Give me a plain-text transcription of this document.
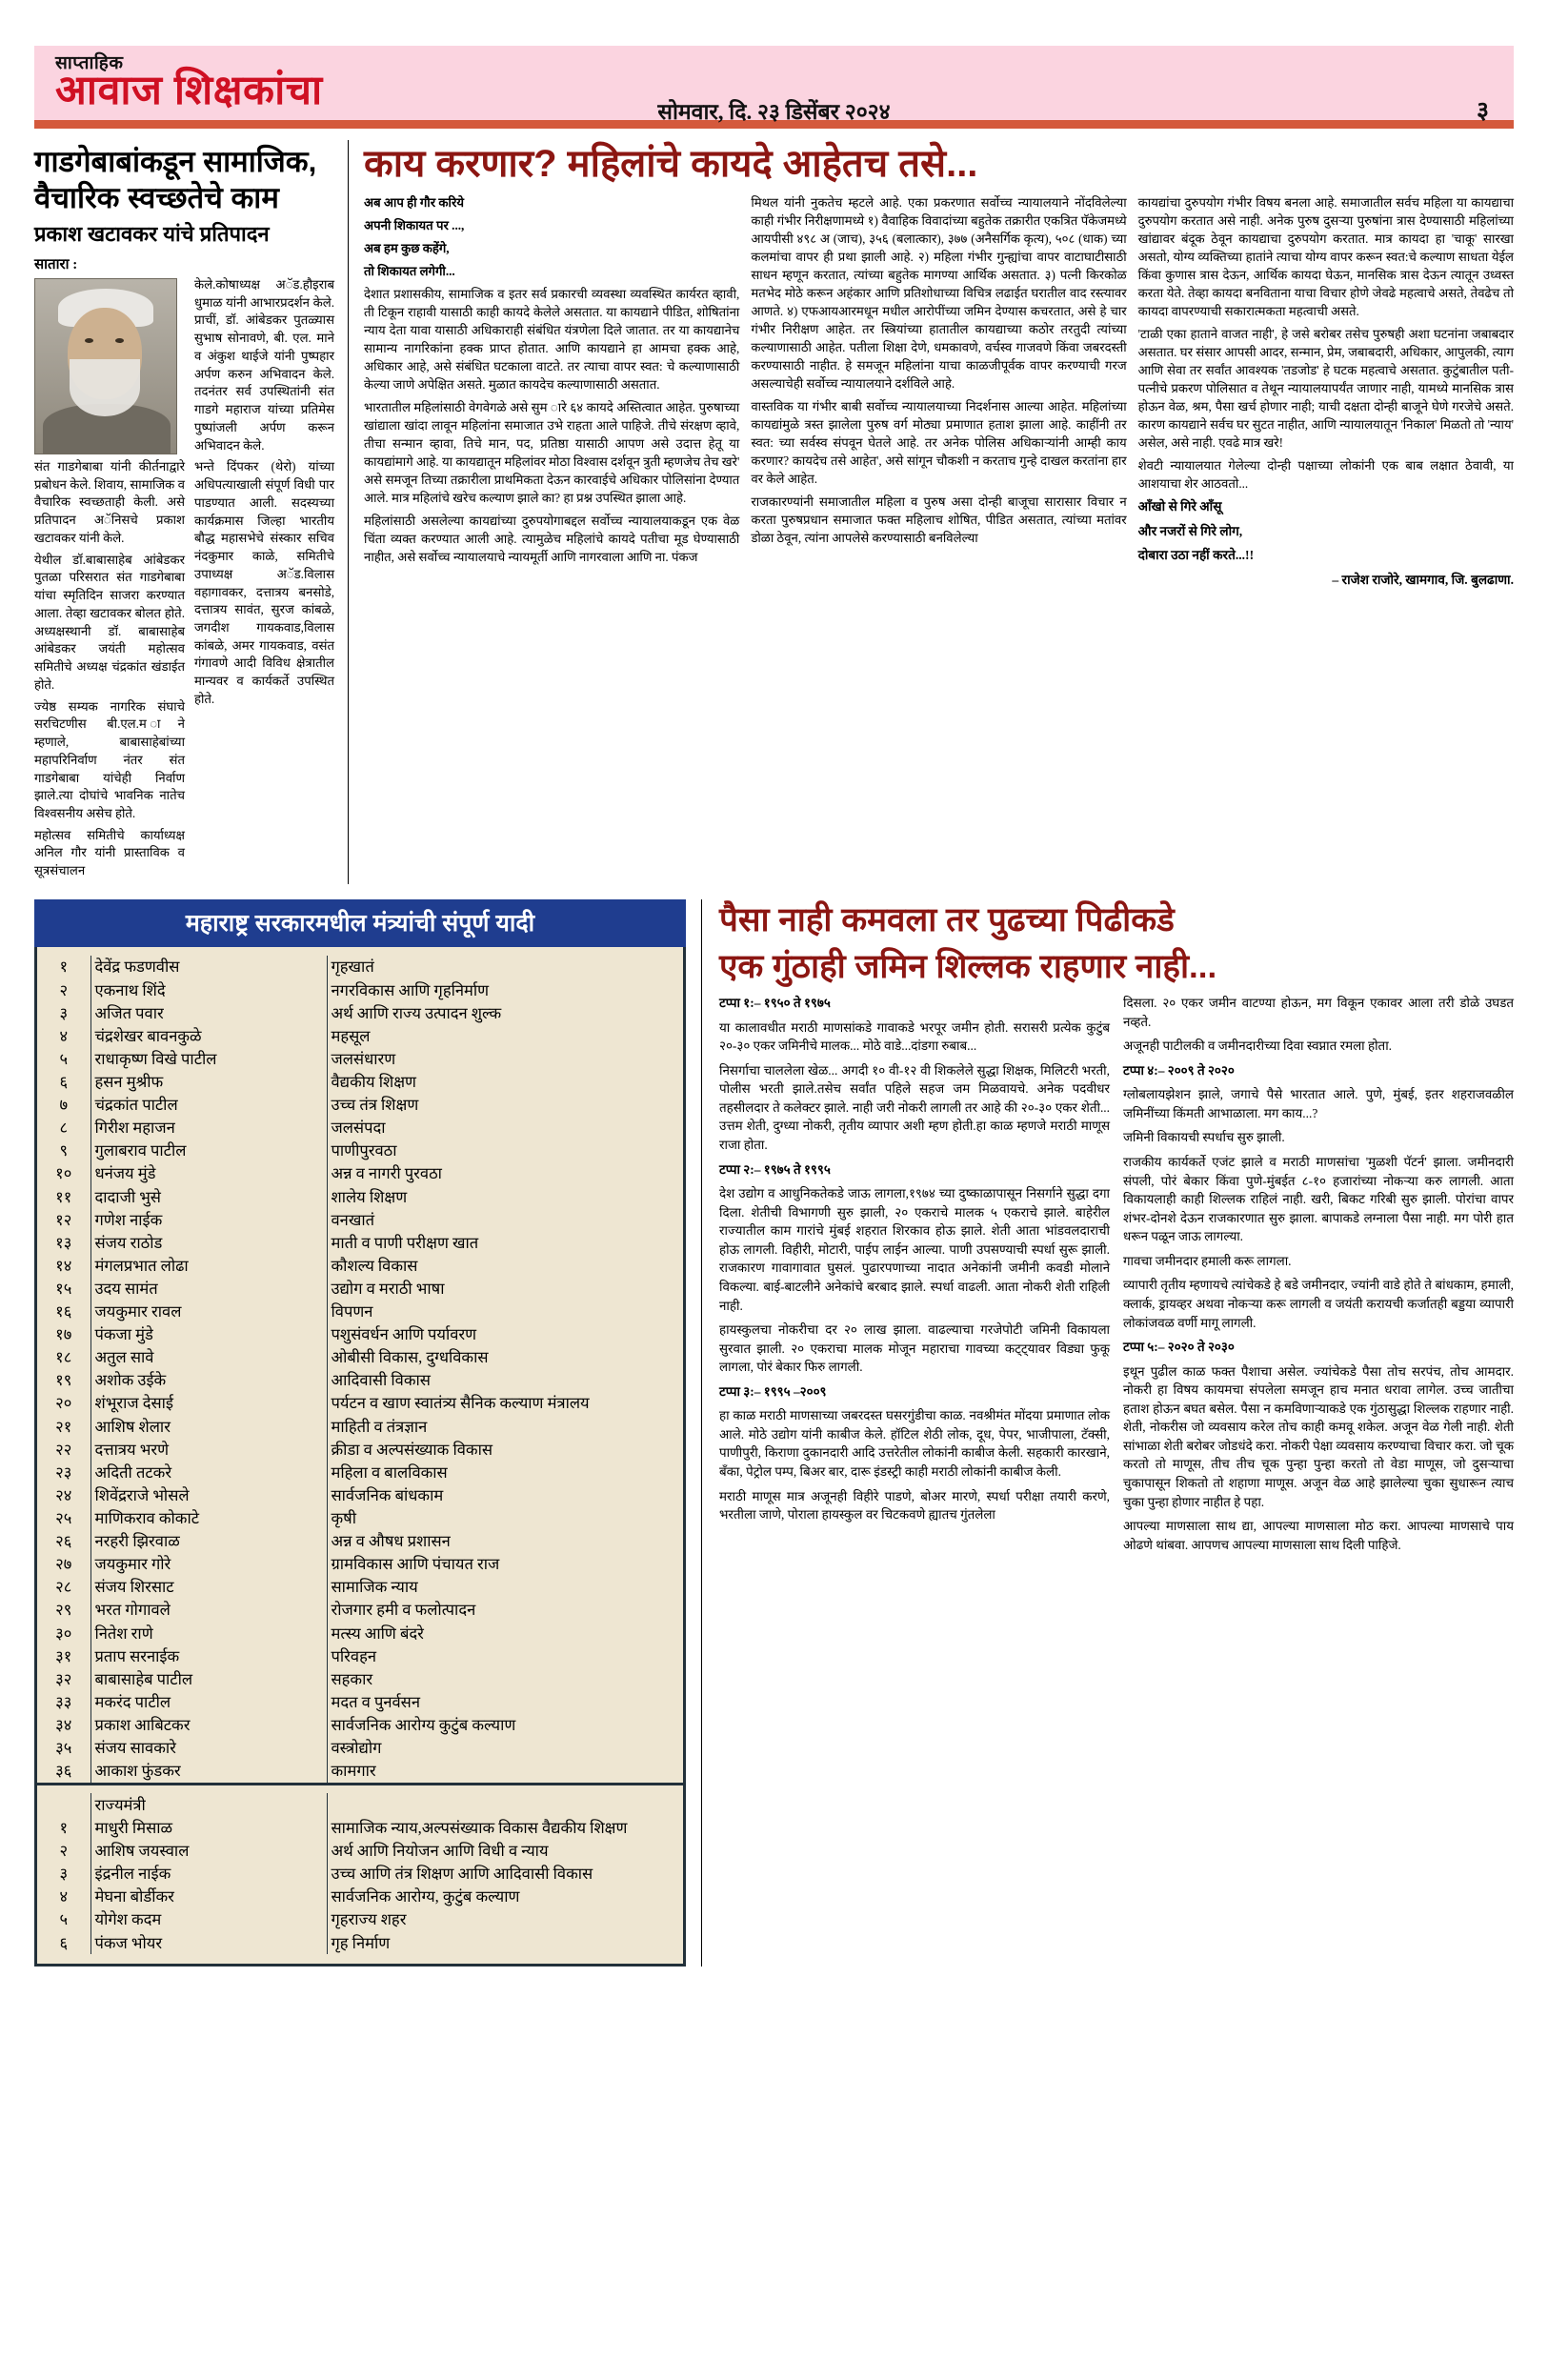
साप्ताहिक
आवाज शिक्षकांचा	सोमवार, दि. २३ डिसेंबर २०२४	३
गाडगेबाबांकडून सामाजिक, वैचारिक स्वच्छतेचे काम
प्रकाश खटावकर यांचे प्रतिपादन
सातारा :

संत गाडगेबाबा यांनी कीर्तनाद्वारे प्रबोधन केले. शिवाय, सामाजिक व वैचारिक स्वच्छताही केली. असे प्रतिपादन अॅनिसचे प्रकाश खटावकर यांनी केले.

येथील डॉ.बाबासाहेब आंबेडकर पुतळा परिसरात संत गाडगेबाबा यांचा स्मृतिदिन साजरा करण्यात आला. तेव्हा खटावकर बोलत होते. अध्यक्षस्थानी डॉ. बाबासाहेब आंबेडकर जयंती महोत्सव समितीचे अध्यक्ष चंद्रकांत खंडाईत होते.

ज्येष्ठ सम्यक नागरिक संघाचे सरचिटणीस बी.एल.म ाने म्हणाले, बाबासाहेबांच्या महापरिनिर्वाण नंतर संत गाडगेबाबा यांचेही निर्वाण झाले.त्या दोघांचे भावनिक नातेच विश्वसनीय असेच होते.

महोत्सव समितीचे कार्याध्यक्ष अनिल गौर यांनी प्रास्ताविक व सूत्रसंचालन

केले.कोषाध्यक्ष अॅड.हौइराब धुमाळ यांनी आभारप्रदर्शन केले. प्राचीं, डॉ. आंबेडकर पुतळ्यास सुभाष सोनावणे, बी. एल. माने व अंकुश थाईजे यांनी पुष्पहार अर्पण करुन अभिवादन केले. तदनंतर सर्व उपस्थितांनी संत गाडगे महाराज यांच्या प्रतिमेस पुष्पांजली अर्पण करून अभिवादन केले.

भन्ते दिंपकर (थेरो) यांच्या अधिपत्याखाली संपूर्ण विधी पार पाडण्यात आली. सदस्यच्या कार्यक्रमास जिल्हा भारतीय बौद्ध महासभेचे संस्कार सचिव नंदकुमार काळे, समितीचे उपाध्यक्ष अॅड.विलास वहागावकर, दत्तात्रय बनसोडे, दत्तात्रय सावंत, सुरज कांबळे, जगदीश गायकवाड,विलास कांबळे, अमर गायकवाड, वसंत गंगावणे आदी विविध क्षेत्रातील मान्यवर व कार्यकर्ते उपस्थित होते.

काय करणार? महिलांचे कायदे आहेतच तसे...

अब आप ही गौर करिये

अपनी शिकायत पर ...,

अब हम कुछ कहेंगे,

तो शिकायत लगेगी...

देशात प्रशासकीय, सामाजिक व इतर सर्व प्रकारची व्यवस्था व्यवस्थित कार्यरत व्हावी, ती टिकून राहावी यासाठी काही कायदे केलेले असतात. या कायद्याने पीडित, शोषितांना न्याय देता यावा यासाठी अधिकाराही संबंधित यंत्रणेला दिले जातात. तर या कायद्यानेच सामान्य नागरिकांना हक्क प्राप्त होतात. आणि कायद्याने हा आमचा हक्क आहे, अधिकार आहे, असे संबंधित घटकाला वाटते. तर त्याचा वापर स्वत: चे कल्याणासाठी केल्या जाणे अपेक्षित असते. मुळात कायदेच कल्याणासाठी असतात.

भारतातील महिलांसाठी वेगवेगळे असे सुम ारे ६४ कायदे अस्तित्वात आहेत. पुरुषाच्या खांद्याला खांदा लावून महिलांना समाजात उभे राहता आले पाहिजे. तीचे संरक्षण व्हावे, तीचा सन्मान व्हावा, तिचे मान, पद, प्रतिष्ठा यासाठी आपण असे उदात्त हेतू या कायद्यांमागे आहे. या कायद्यातून महिलांवर मोठा विश्वास दर्शवून त्रुती म्हणजेच तेच खरे' असे समजून तिच्या तक्रारीला प्राथमिकता देऊन कारवाईचे अधिकार पोलिसांना देण्यात आले. मात्र महिलांचे खरेच कल्याण झाले का? हा प्रश्न उपस्थित झाला आहे.

महिलांसाठी असलेल्या कायद्यांच्या दुरुपयोगाबद्दल सर्वोच्च न्यायालयाकडून एक वेळ चिंता व्यक्त करण्यात आली आहे. त्यामुळेच महिलांचे कायदे पतीचा मूड घेण्यासाठी नाहीत, असे सर्वोच्च न्यायालयाचे न्यायमूर्ती आणि नागरवाला आणि ना. पंकज

मिथल यांनी नुकतेच म्हटले आहे. एका प्रकरणात सर्वोच्च न्यायालयाने नोंदविलेल्या काही गंभीर निरीक्षणामध्ये १) वैवाहिक विवादांच्या बहुतेक तक्रारीत एकत्रित पॅकेजमध्ये आयपीसी ४९८ अ (जाच), ३५६ (बलात्कार), ३७७ (अनैसर्गिक कृत्य), ५०८ (धाक) च्या कलमांचा वापर ही प्रथा झाली आहे. २) महिला गंभीर गुन्ह्यांचा वापर वाटाघाटीसाठी साधन म्हणून करतात, त्यांच्या बहुतेक मागण्या आर्थिक असतात. ३) पत्नी किरकोळ मतभेद मोठे करून अहंकार आणि प्रतिशोधाच्या विचित्र लढाईत घरातील वाद रस्त्यावर आणते. ४) एफआयआरमधून मधील आरोपींच्या जमिन देण्यास कचरतात, असे हे चार गंभीर निरीक्षण आहेत. तर स्त्रियांच्या हातातील कायद्याच्या कठोर तरतुदी त्यांच्या कल्याणासाठी आहेत. पतीला शिक्षा देणे, धमकावणे, वर्चस्व गाजवणे किंवा जबरदस्ती करण्यासाठी नाहीत. हे समजून महिलांना याचा काळजीपूर्वक वापर करण्याची गरज असल्याचेही सर्वोच्च न्यायालयाने दर्शविले आहे.

वास्तविक या गंभीर बाबी सर्वोच्च न्यायालयाच्या निदर्शनास आल्या आहेत. महिलांच्या कायद्यांमुळे त्रस्त झालेला पुरुष वर्ग मोठ्या प्रमाणात हताश झाला आहे. काहींनी तर स्वत: च्या सर्वस्व संपवून घेतले आहे. तर अनेक पोलिस अधिकाऱ्यांनी आम्ही काय करणार? कायदेच तसे आहेत', असे सांगून चौकशी न करताच गुन्हे दाखल करतांना हार वर केले आहेत.

राजकारण्यांनी समाजातील महिला व पुरुष असा दोन्ही बाजूचा सारासार विचार न करता पुरुषप्रधान समाजात फक्त महिलाच शोषित, पीडित असतात, त्यांच्या मतांवर डोळा ठेवून, त्यांना आपलेसे करण्यासाठी बनविलेल्या

कायद्यांचा दुरुपयोग गंभीर विषय बनला आहे. समाजातील सर्वच महिला या कायद्याचा दुरुपयोग करतात असे नाही. अनेक पुरुष दुसऱ्या पुरुषांना त्रास देण्यासाठी महिलांच्या खांद्यावर बंदूक ठेवून कायद्याचा दुरुपयोग करतात. मात्र कायदा हा 'चाकू' सारखा असतो, योग्य व्यक्तिच्या हातांने त्याचा योग्य वापर करून स्वत:चे कल्याण साधता येईल किंवा कुणास त्रास देऊन, आर्थिक कायदा घेऊन, मानसिक त्रास देऊन त्यातून उध्वस्त करता येते. तेव्हा कायदा बनविताना याचा विचार होणे जेवढे महत्वाचे असते, तेवढेच तो कायदा वापरण्याची सकारात्मकता महत्वाची असते.

'टाळी एका हाताने वाजत नाही', हे जसे बरोबर तसेच पुरुषही अशा घटनांना जबाबदार असतात. घर संसार आपसी आदर, सन्मान, प्रेम, जबाबदारी, अधिकार, आपुलकी, त्याग आणि सेवा तर सर्वांत आवश्यक 'तडजोड' हे घटक महत्वाचे असतात. कुटुंबातील पती-पत्नीचे प्रकरण पोलिसात व तेथून न्यायालयापर्यंत जाणार नाही, यामध्ये मानसिक त्रास होऊन वेळ, श्रम, पैसा खर्च होणार नाही; याची दक्षता दोन्ही बाजूने घेणे गरजेचे असते. कारण कायद्याने सर्वच घर सुटत नाहीत, आणि न्यायालयातून 'निकाल' मिळतो तो 'न्याय' असेल, असे नाही. एवढे मात्र खरे!

शेवटी न्यायालयात गेलेल्या दोन्ही पक्षाच्या लोकांनी एक बाब लक्षात ठेवावी, या आशयाचा शेर आठवतो...

आँखो से गिरे आँसू

और नजरों से गिरे लोग,

दोबारा उठा नहीं करते...!!

– राजेश राजोरे, खामगाव, जि. बुलढाणा.

महाराष्ट्र सरकारमधील मंत्र्यांची संपूर्ण यादी
१	देवेंद्र फडणवीस	गृहखातं
२	एकनाथ शिंदे	नगरविकास आणि गृहनिर्माण
३	अजित पवार	अर्थ आणि राज्य उत्पादन शुल्क
४	चंद्रशेखर बावनकुळे	महसूल
५	राधाकृष्ण विखे पाटील	जलसंधारण
६	हसन मुश्रीफ	वैद्यकीय शिक्षण
७	चंद्रकांत पाटील	उच्च तंत्र शिक्षण
८	गिरीश महाजन	जलसंपदा
९	गुलाबराव पाटील	पाणीपुरवठा
१०	धनंजय मुंडे	अन्न व नागरी पुरवठा
११	दादाजी भुसे	शालेय शिक्षण
१२	गणेश नाईक	वनखातं
१३	संजय राठोड	माती व पाणी परीक्षण खात
१४	मंगलप्रभात लोढा	कौशल्य विकास
१५	उदय सामंत	उद्योग व मराठी भाषा
१६	जयकुमार रावल	विपणन
१७	पंकजा मुंडे	पशुसंवर्धन आणि पर्यावरण
१८	अतुल सावे	ओबीसी विकास, दुग्धविकास
१९	अशोक उईके	आदिवासी विकास
२०	शंभूराज देसाई	पर्यटन व खाण स्वातंत्र्य सैनिक कल्याण मंत्रालय
२१	आशिष शेलार	माहिती व तंत्रज्ञान
२२	दत्तात्रय भरणे	क्रीडा व अल्पसंख्याक विकास
२३	अदिती तटकरे	महिला व बालविकास
२४	शिवेंद्रराजे भोसले	सार्वजनिक बांधकाम
२५	माणिकराव कोकाटे	कृषी
२६	नरहरी झिरवाळ	अन्न व औषध प्रशासन
२७	जयकुमार गोरे	ग्रामविकास आणि पंचायत राज
२८	संजय शिरसाट	सामाजिक न्याय
२९	भरत गोगावले	रोजगार हमी व फलोत्पादन
३०	नितेश राणे	मत्स्य आणि बंदरे
३१	प्रताप सरनाईक	परिवहन
३२	बाबासाहेब पाटील	सहकार
३३	मकरंद पाटील	मदत व पुनर्वसन
३४	प्रकाश आबिटकर	सार्वजनिक आरोग्य कुटुंब कल्याण
३५	संजय सावकारे	वस्त्रोद्योग
३६	आकाश फुंडकर	कामगार

	राज्यमंत्री	
१	माधुरी मिसाळ	सामाजिक न्याय,अल्पसंख्याक विकास वैद्यकीय शिक्षण
२	आशिष जयस्वाल	अर्थ आणि नियोजन आणि विधी व न्याय
३	इंद्रनील नाईक	उच्च आणि तंत्र शिक्षण आणि आदिवासी विकास
४	मेघना बोर्डीकर	सार्वजनिक आरोग्य, कुटुंब कल्याण
५	योगेश कदम	गृहराज्य शहर
६	पंकज भोयर	गृह निर्माण
पैसा नाही कमवला तर पुढच्या पिढीकडे
एक गुंठाही जमिन शिल्लक राहणार नाही...

टप्पा १:– १९५० ते १९७५

या कालावधीत मराठी माणसांकडे गावाकडे भरपूर जमीन होती. सरासरी प्रत्येक कुटुंब २०-३० एकर जमिनीचे मालक... मोठे वाडे...दांडगा रुबाब...

निसर्गाचा चाललेला खेळ... अगदी १० वी-१२ वी शिकलेले सुद्धा शिक्षक, मिलिटरी भरती, पोलीस भरती झाले.तसेच सर्वांत पहिले सहज जम मिळवायचे. अनेक पदवीधर तहसीलदार ते कलेक्टर झाले. नाही जरी नोकरी लागली तर आहे की २०-३० एकर शेती... उत्तम शेती, दुग्ध्या नोकरी, तृतीय व्यापार अशी म्हण होती.हा काळ म्हणजे मराठी माणूस राजा होता.

टप्पा २:– १९७५ ते १९९५

देश उद्योग व आधुनिकतेकडे जाऊ लागला,१९७४ च्या दुष्काळापासून निसर्गाने सुद्धा दगा दिला. शेतीची विभागणी सुरु झाली, २० एकराचे मालक ५ एकराचे झाले. बाहेरील राज्यातील काम गारांचे मुंबई शहरात शिरकाव होऊ झाले. शेती आता भांडवलदाराची होऊ लागली. विहीरी, मोटारी, पाईप लाईन आल्या. पाणी उपसण्याची स्पर्धा सुरू झाली. राजकारण गावागावात घुसलं. पुढारपणाच्या नादात अनेकांनी जमीनी कवडी मोलाने विकल्या. बाई-बाटलीने अनेकांचे बरबाद झाले. स्पर्धा वाढली. आता नोकरी शेती राहिली नाही.

हायस्कुलचा नोकरीचा दर २० लाख झाला. वाढल्याचा गरजेपोटी जमिनी विकायला सुरवात झाली. २० एकराचा मालक मोजून महाराचा गावच्या कट्ट्यावर विड्या फुकू लागला, पोरं बेकार फिरु लागली.

टप्पा ३:– १९९५ –२००९

हा काळ मराठी माणसाच्या जबरदस्त घसरगुंडीचा काळ. नवश्रीमंत मोंदया प्रमाणात लोक आले. मोठे उद्योग यांनी काबीज केले. हॉटिल शेठी लोक, दूध, पेपर, भाजीपाला, टॅक्सी, पाणीपुरी, किराणा दुकानदारी आदि उत्तरेतील लोकांनी काबीज केली. सहकारी कारखाने, बँका, पेट्रोल पम्प, बिअर बार, दारू इंडस्ट्री काही मराठी लोकांनी काबीज केली.

मराठी माणूस मात्र अजूनही विहीरे पाडणे, बोअर मारणे, स्पर्धा परीक्षा तयारी करणे, भरतीला जाणे, पोराला हायस्कुल वर चिटकवणे ह्यातच गुंतलेला

दिसला. २० एकर जमीन वाटण्या होऊन, मग विकून एकावर आला तरी डोळे उघडत नव्हते.

अजूनही पाटीलकी व जमीनदारीच्या दिवा स्वप्नात रमला होता.

टप्पा ४:– २००९ ते २०२०

ग्लोबलायझेशन झाले, जगाचे पैसे भारतात आले. पुणे, मुंबई, इतर शहराजवळील जमिनींच्या किंमती आभाळाला. मग काय...?

जमिनी विकायची स्पर्धाच सुरु झाली.

राजकीय कार्यकर्ते एजंट झाले व मराठी माणसांचा 'मुळशी पॅटर्न' झाला. जमीनदारी संपली, पोरं बेकार किंवा पुणे-मुंबईत ८-१० हजारांच्या नोकऱ्या करु लागली. आता विकायलाही काही शिल्लक राहिलं नाही. खरी, बिकट गरिबी सुरु झाली. पोरांचा वापर शंभर-दोनशे देऊन राजकारणात सुरु झाला. बापाकडे लग्नाला पैसा नाही. मग पोरी हात धरून पळून जाऊ लागल्या.

गावचा जमीनदार हमाली करू लागला.

व्यापारी तृतीय म्हणायचे त्यांचेकडे हे बडे जमीनदार, ज्यांनी वाडे होते ते बांधकाम, हमाली, क्लार्क, ड्रायव्हर अथवा नोकऱ्या करू लागली व जयंती करायची कर्जातही बड्डया व्यापारी लोकांजवळ वर्णी मागू लागली.

टप्पा ५:– २०२० ते २०३०

इथून पुढील काळ फक्त पैशाचा असेल. ज्यांचेकडे पैसा तोच सरपंच, तोच आमदार. नोकरी हा विषय कायमचा संपलेला समजून हाच मनात धरावा लागेल. उच्च जातीचा हताश होऊन बघत बसेल. पैसा न कमविणाऱ्याकडे एक गुंठासुद्धा शिल्लक राहणार नाही. शेती, नोकरीस जो व्यवसाय करेल तोच काही कमवू शकेल. अजून वेळ गेली नाही. शेती सांभाळा शेती बरोबर जोडधंदे करा. नोकरी पेक्षा व्यवसाय करण्याचा विचार करा. जो चूक करतो तो माणूस, तीच तीच चूक पुन्हा पुन्हा करतो तो वेडा माणूस, जो दुसऱ्याचा चुकापासून शिकतो तो शहाणा माणूस. अजून वेळ आहे झालेल्या चुका सुधारून त्याच चुका पुन्हा होणार नाहीत हे पहा.

आपल्या माणसाला साथ द्या, आपल्या माणसाला मोठ करा. आपल्या माणसाचे पाय ओढणे थांबवा. आपणच आपल्या माणसाला साथ दिली पाहिजे.
